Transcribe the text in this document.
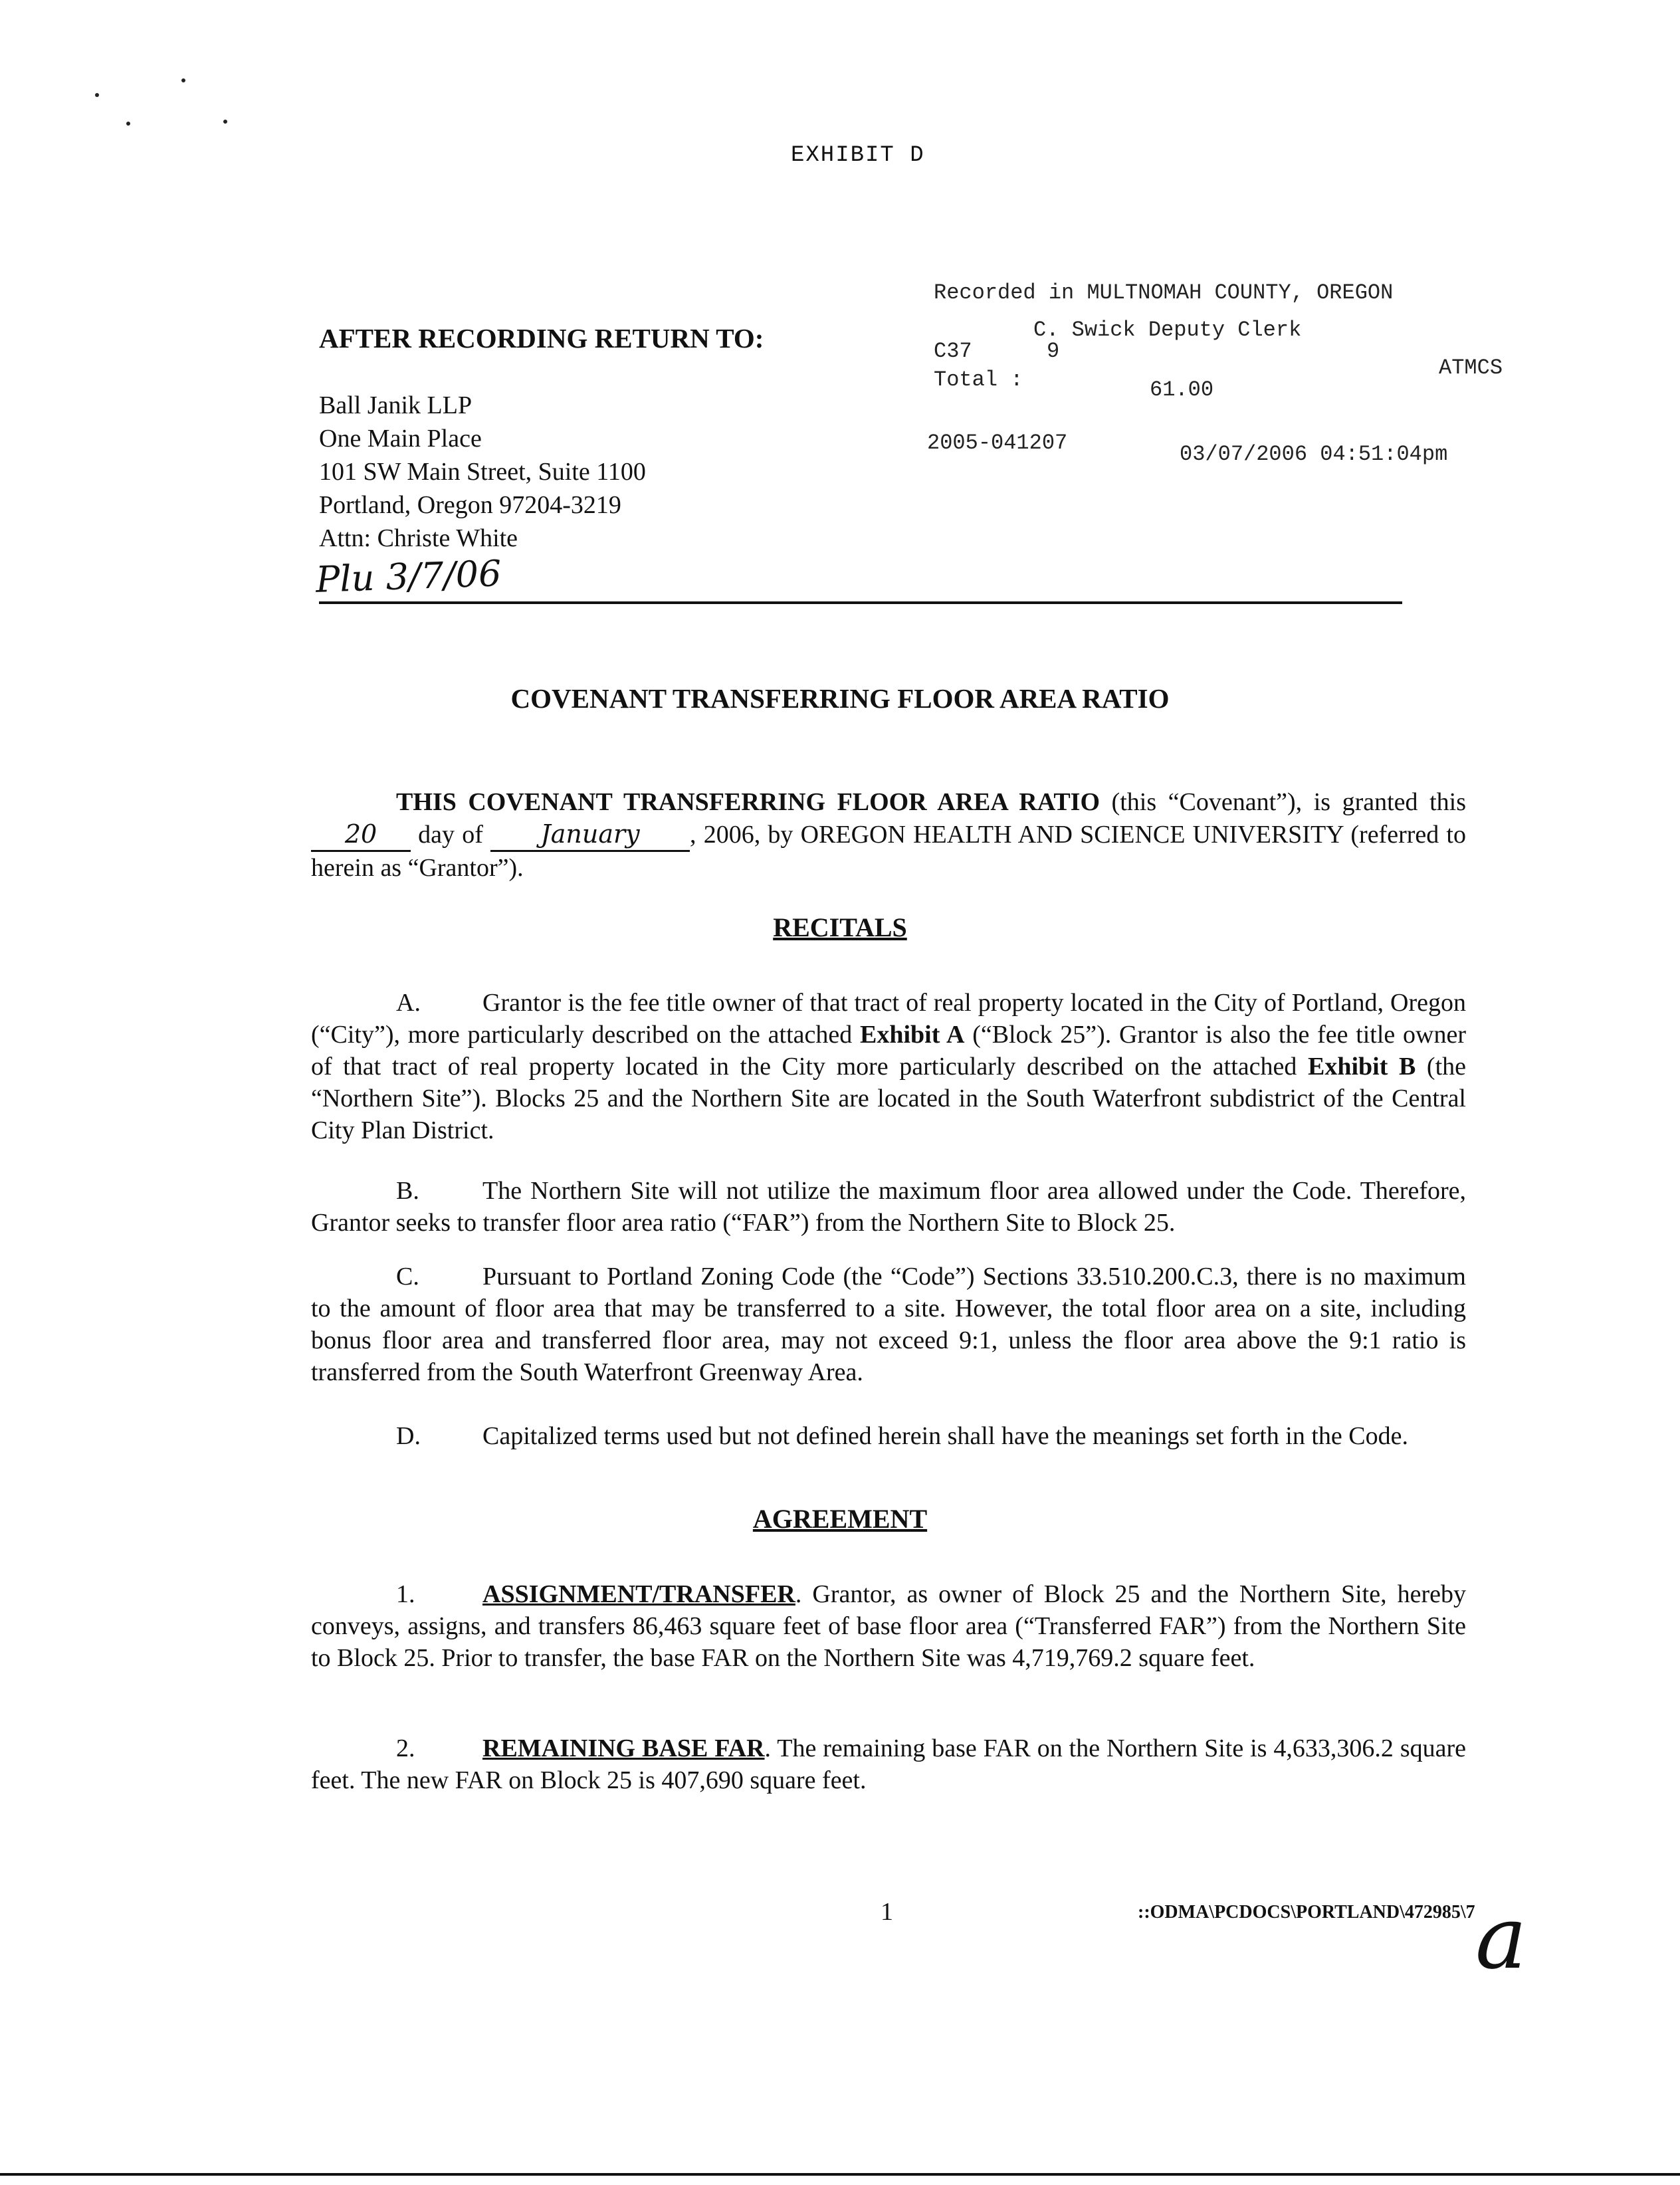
EXHIBIT D
Recorded in MULTNOMAH COUNTY, OREGON
C. Swick Deputy Clerk
C37	9
ATMCS
Total :	61.00
2005-041207	03/07/2006 04:51:04pm
AFTER RECORDING RETURN TO:
Ball Janik LLP
One Main Place
101 SW Main Street, Suite 1100
Portland, Oregon 97204-3219
Attn: Christe White
Plu 3/7/06
COVENANT TRANSFERRING FLOOR AREA RATIO
THIS COVENANT TRANSFERRING FLOOR AREA RATIO (this “Covenant”), is granted this 20 day of January , 2006, by OREGON HEALTH AND SCIENCE UNIVERSITY (referred to herein as “Grantor”).
RECITALS
A. Grantor is the fee title owner of that tract of real property located in the City of Portland, Oregon (“City”), more particularly described on the attached Exhibit A (“Block 25”). Grantor is also the fee title owner of that tract of real property located in the City more particularly described on the attached Exhibit B (the “Northern Site”). Blocks 25 and the Northern Site are located in the South Waterfront subdistrict of the Central City Plan District.
B.	The Northern Site will not utilize the maximum floor area allowed under the Code. Therefore, Grantor seeks to transfer floor area ratio (“FAR”) from the Northern Site to Block 25.
C.	Pursuant to Portland Zoning Code (the “Code”) Sections 33.510.200.C.3, there is no maximum to the amount of floor area that may be transferred to a site. However, the total floor area on a site, including bonus floor area and transferred floor area, may not exceed 9:1, unless the floor area above the 9:1 ratio is transferred from the South Waterfront Greenway Area.
D. Capitalized terms used but not defined herein shall have the meanings set forth in the Code.
AGREEMENT
1.	ASSIGNMENT/TRANSFER. Grantor, as owner of Block 25 and the Northern Site, hereby conveys, assigns, and transfers 86,463 square feet of base floor area (“Transferred FAR”) from the Northern Site to Block 25. Prior to transfer, the base FAR on the Northern Site was 4,719,769.2 square feet.
2.	REMAINING BASE FAR. The remaining base FAR on the Northern Site is 4,633,306.2 square feet. The new FAR on Block 25 is 407,690 square feet.
1	::ODMA\PCDOCS\PORTLAND\472985\7 a
